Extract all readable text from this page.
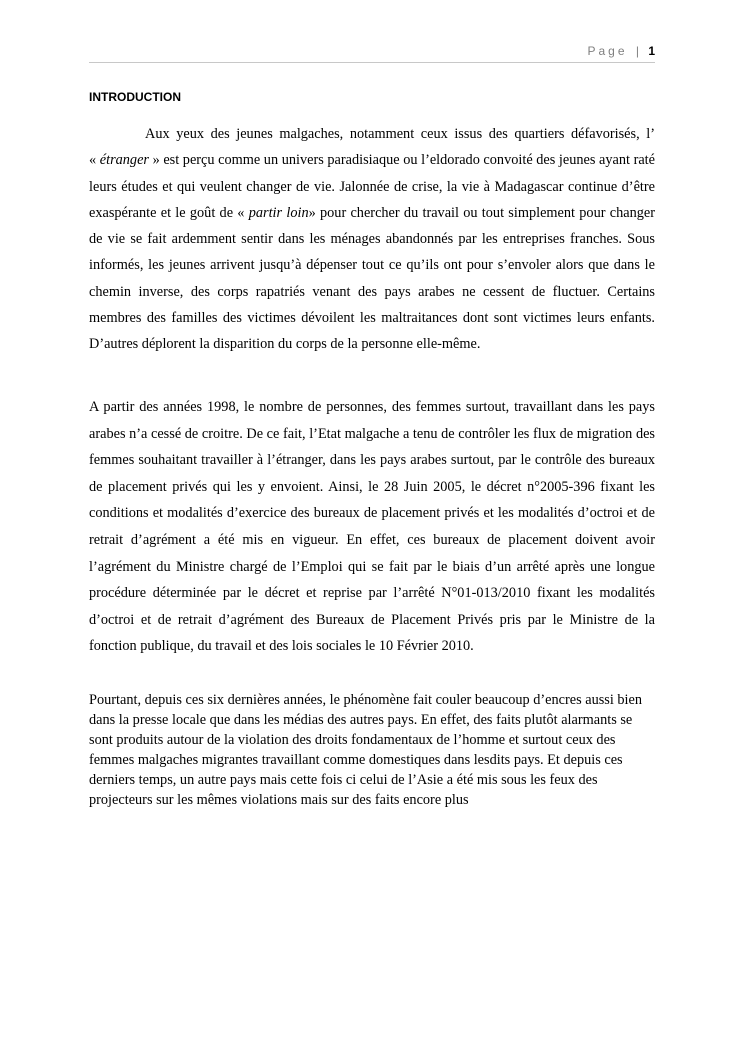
Page | 1
INTRODUCTION

Aux yeux des jeunes malgaches, notamment ceux issus des quartiers défavorisés, l’ « étranger » est perçu comme un univers paradisiaque ou l’eldorado convoité des jeunes ayant raté leurs études et qui veulent changer de vie. Jalonnée de crise, la vie à Madagascar continue d’être exaspérante et le goût de « partir loin» pour chercher du travail ou tout simplement pour changer de vie se fait ardemment sentir dans les ménages abandonnés par les entreprises franches. Sous informés, les jeunes arrivent jusqu’à dépenser tout ce qu’ils ont pour s’envoler alors que dans le chemin inverse, des corps rapatriés venant des pays arabes ne cessent de fluctuer. Certains membres des familles des victimes dévoilent les maltraitances dont sont victimes leurs enfants. D’autres déplorent la disparition du corps de la personne elle-même.

A partir des années 1998, le nombre de personnes, des femmes surtout, travaillant dans les pays arabes n’a cessé de croitre. De ce fait, l’Etat malgache a tenu de contrôler les flux de migration des femmes souhaitant travailler à l’étranger, dans les pays arabes surtout, par le contrôle des bureaux de placement privés qui les y envoient. Ainsi, le 28 Juin 2005, le décret n°2005-396 fixant les conditions et modalités d’exercice des bureaux de placement privés et les modalités d’octroi et de retrait d’agrément a été mis en vigueur. En effet, ces bureaux de placement doivent avoir l’agrément du Ministre chargé de l’Emploi qui se fait par le biais d’un arrêté après une longue procédure déterminée par le décret et reprise par l’arrêté N°01-013/2010 fixant les modalités d’octroi et de retrait d’agrément des Bureaux de Placement Privés pris par le Ministre de la fonction publique, du travail et des lois sociales le 10 Février 2010.

Pourtant, depuis ces six dernières années, le phénomène fait couler beaucoup d’encres aussi bien dans la presse locale que dans les médias des autres pays. En effet, des faits plutôt alarmants se sont produits autour de la violation des droits fondamentaux de l’homme et surtout ceux des femmes malgaches migrantes travaillant comme domestiques dans lesdits pays. Et depuis ces derniers temps, un autre pays mais cette fois ci celui de l’Asie a été mis sous les feux des projecteurs sur les mêmes violations mais sur des faits encore plus
